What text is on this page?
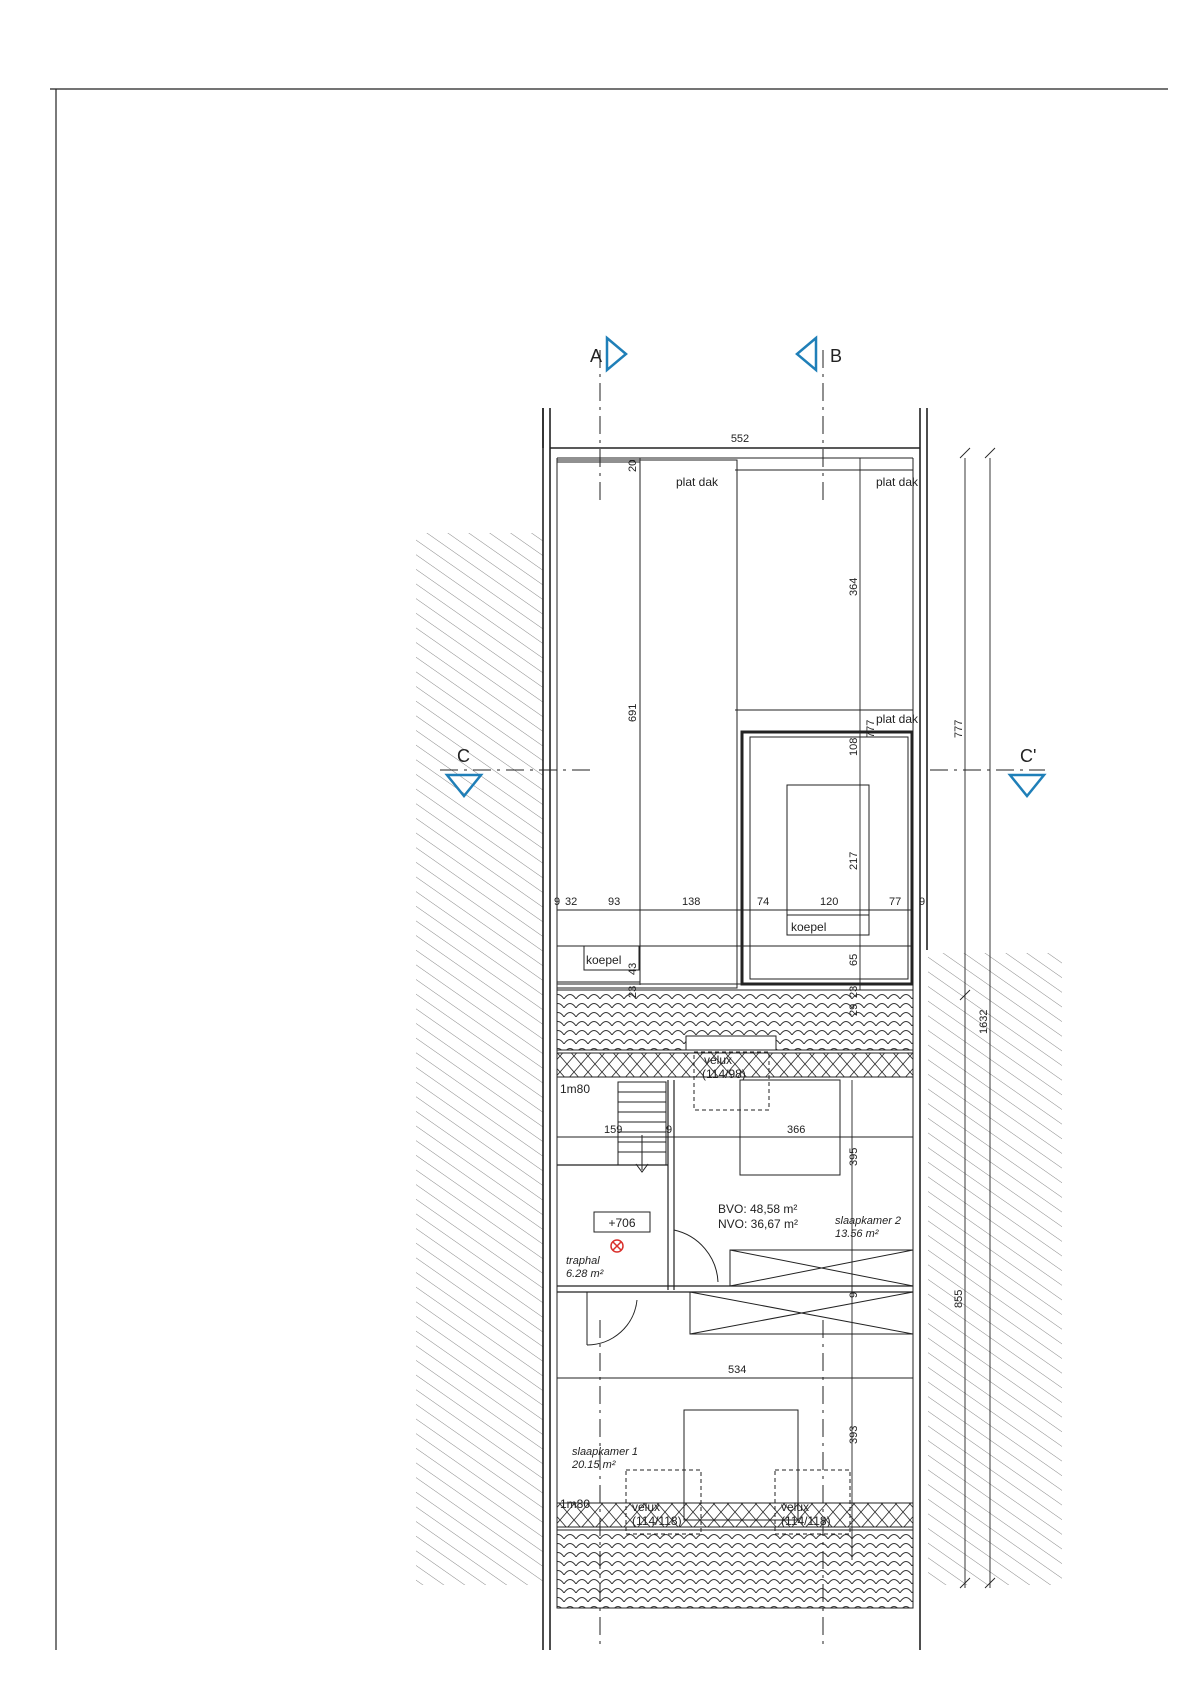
A	B
C	C'
plat dak	plat dak
plat dak
koepel
koepel
velux
(114/98)
velux
(114/118)
velux
(114/118)
1m80
1m80
+706
traphal
6.28 m²
slaapkamer 2
13.56 m²
slaapkamer 1
20.15 m²
BVO: 48,58 m²
NVO: 36,67 m²
552
20
364
691
777	777
108
217
9 32	93	138	74	120	77 9
43
23
65
23
29	1632
159	9	366
395
9
534
393
855
